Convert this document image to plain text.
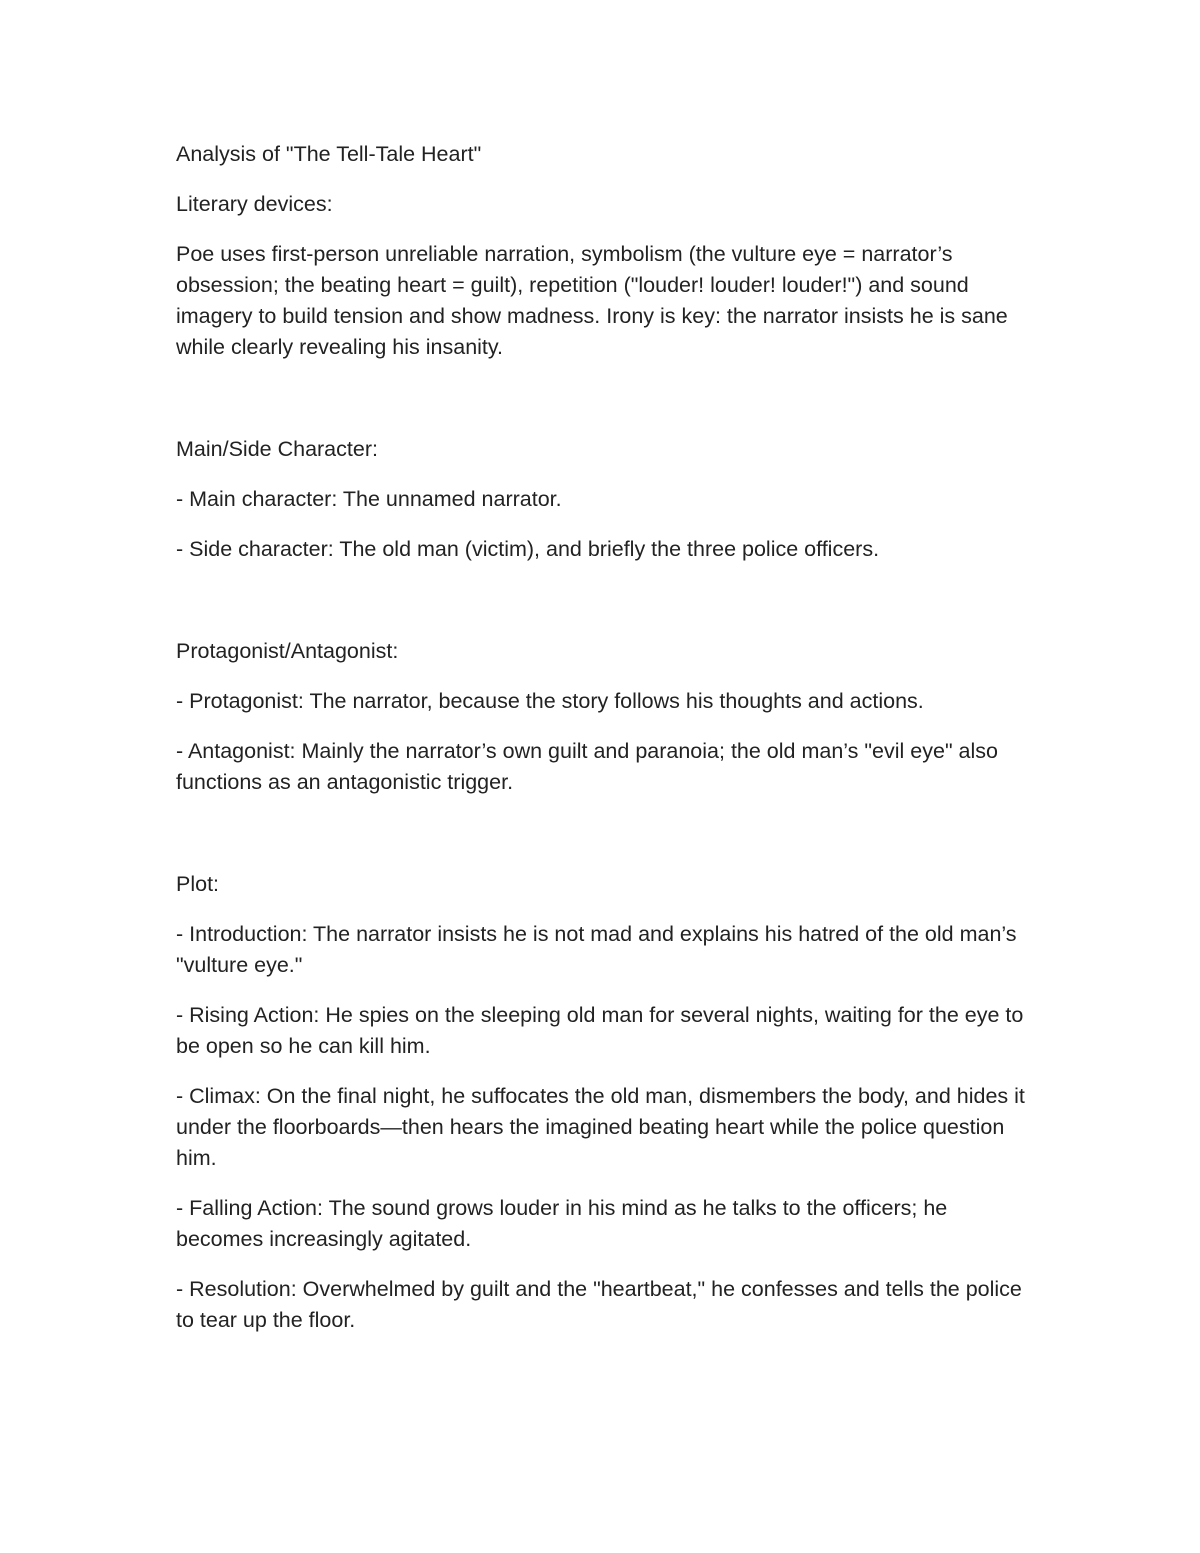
Analysis of "The Tell-Tale Heart"

Literary devices:

Poe uses first-person unreliable narration, symbolism (the vulture eye = narrator’s obsession; the beating heart = guilt), repetition ("louder! louder! louder!") and sound imagery to build tension and show madness. Irony is key: the narrator insists he is sane while clearly revealing his insanity.

Main/Side Character:

- Main character: The unnamed narrator.

- Side character: The old man (victim), and briefly the three police officers.

Protagonist/Antagonist:

- Protagonist: The narrator, because the story follows his thoughts and actions.

- Antagonist: Mainly the narrator’s own guilt and paranoia; the old man’s "evil eye" also functions as an antagonistic trigger.

Plot:

- Introduction: The narrator insists he is not mad and explains his hatred of the old man’s "vulture eye."

- Rising Action: He spies on the sleeping old man for several nights, waiting for the eye to be open so he can kill him.

- Climax: On the final night, he suffocates the old man, dismembers the body, and hides it under the floorboards—then hears the imagined beating heart while the police question him.

- Falling Action: The sound grows louder in his mind as he talks to the officers; he becomes increasingly agitated.

- Resolution: Overwhelmed by guilt and the "heartbeat," he confesses and tells the police to tear up the floor.
